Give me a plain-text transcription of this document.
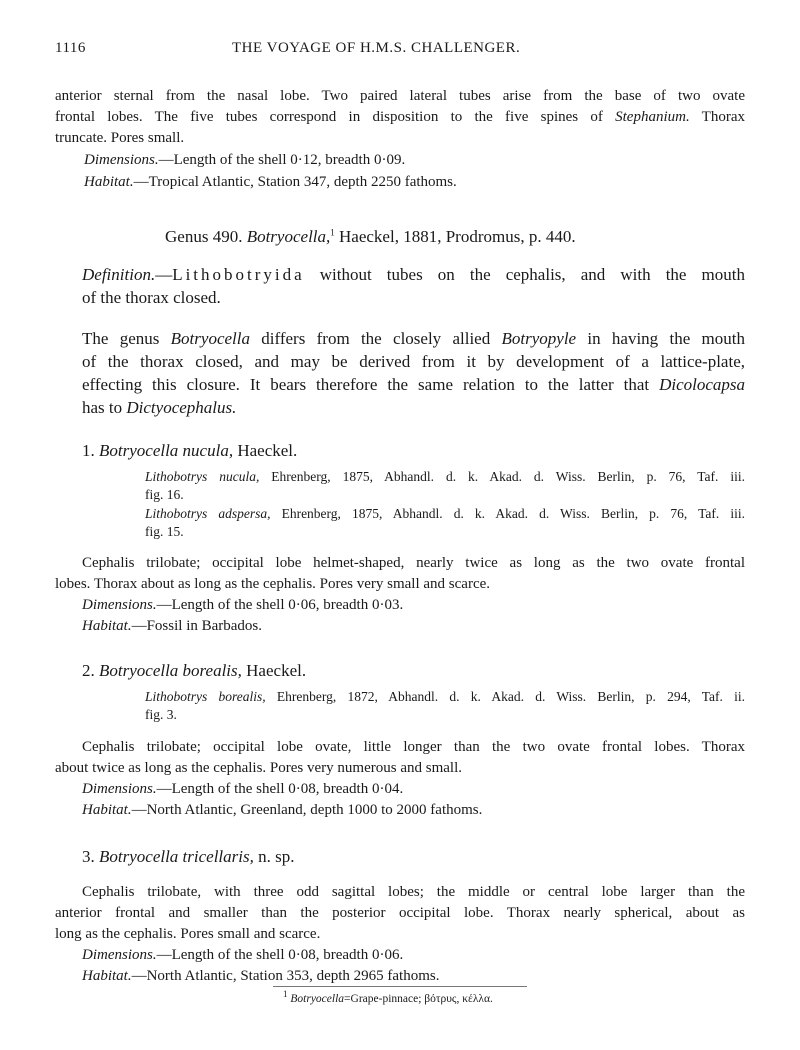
1116	THE VOYAGE OF H.M.S. CHALLENGER.
anterior sternal from the nasal lobe. Two paired lateral tubes arise from the base of two ovate
frontal lobes. The five tubes correspond in disposition to the five spines of Stephanium. Thorax
truncate. Pores small.
Dimensions.—Length of the shell 0·12, breadth 0·09.
Habitat.—Tropical Atlantic, Station 347, depth 2250 fathoms.
Genus 490. Botryocella,$^1$ Haeckel, 1881, Prodromus, p. 440.
Definition.—Lithobotryida without tubes on the cephalis, and with the mouth
of the thorax closed.
The genus Botryocella differs from the closely allied Botryopyle in having the mouth
of the thorax closed, and may be derived from it by development of a lattice-plate,
effecting this closure. It bears therefore the same relation to the latter that Dicolocapsa
has to Dictyocephalus.
1. Botryocella nucula, Haeckel.
Lithobotrys nucula, Ehrenberg, 1875, Abhandl. d. k. Akad. d. Wiss. Berlin, p. 76, Taf. iii.
fig. 16.
Lithobotrys adspersa, Ehrenberg, 1875, Abhandl. d. k. Akad. d. Wiss. Berlin, p. 76, Taf. iii.
fig. 15.
Cephalis trilobate; occipital lobe helmet-shaped, nearly twice as long as the two ovate frontal
lobes. Thorax about as long as the cephalis. Pores very small and scarce.
Dimensions.—Length of the shell 0·06, breadth 0·03.
Habitat.—Fossil in Barbados.
2. Botryocella borealis, Haeckel.
Lithobotrys borealis, Ehrenberg, 1872, Abhandl. d. k. Akad. d. Wiss. Berlin, p. 294, Taf. ii.
fig. 3.
Cephalis trilobate; occipital lobe ovate, little longer than the two ovate frontal lobes. Thorax
about twice as long as the cephalis. Pores very numerous and small.
Dimensions.—Length of the shell 0·08, breadth 0·04.
Habitat.—North Atlantic, Greenland, depth 1000 to 2000 fathoms.
3. Botryocella tricellaris, n. sp.
Cephalis trilobate, with three odd sagittal lobes; the middle or central lobe larger than the
anterior frontal and smaller than the posterior occipital lobe. Thorax nearly spherical, about as
long as the cephalis. Pores small and scarce.
Dimensions.—Length of the shell 0·08, breadth 0·06.
Habitat.—North Atlantic, Station 353, depth 2965 fathoms.
$^1$ Botryocella=Grape-pinnace; βότρυς, κέλλα.
